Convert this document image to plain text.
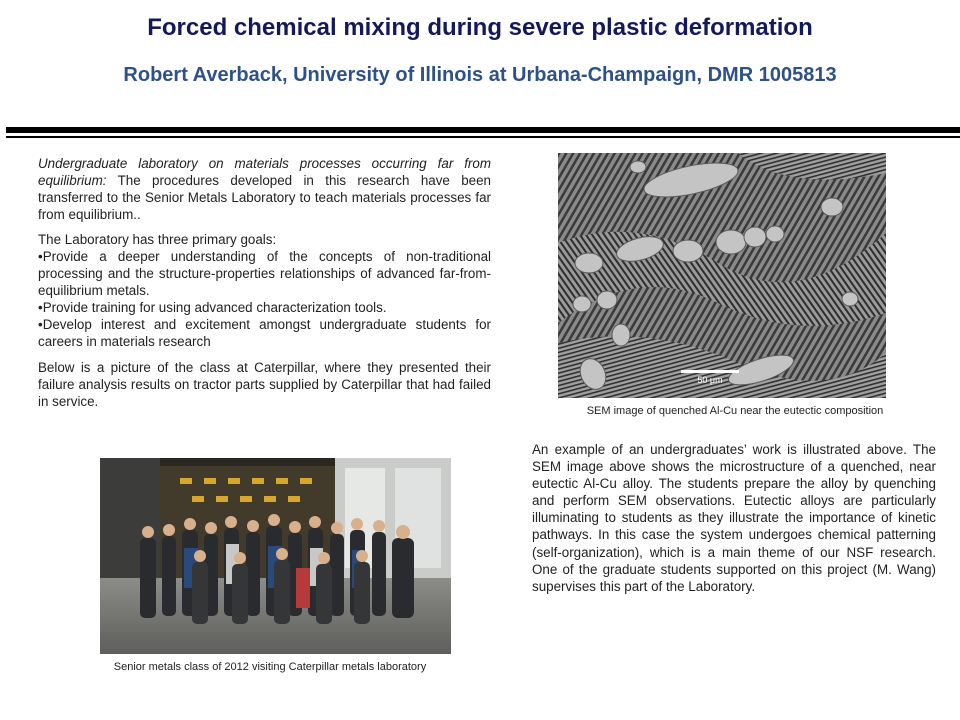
Forced chemical mixing during severe plastic deformation
Robert Averback, University of Illinois at Urbana-Champaign, DMR 1005813

Undergraduate laboratory on materials processes occurring far from equilibrium: The procedures developed in this research have been transferred to the Senior Metals Laboratory to teach materials processes far from equilibrium..

The Laboratory has three primary goals:

•Provide a deeper understanding of the concepts of non-traditional processing and the structure-properties relationships of advanced far-from-equilibrium metals.

•Provide training for using advanced characterization tools.

•Develop interest and excitement amongst undergraduate students for careers in materials research

Below is a picture of the class at Caterpillar, where they presented their failure analysis results on tractor parts supplied by Caterpillar that had failed in service.

Senior metals class of 2012 visiting Caterpillar metals laboratory
50 μm
SEM image of quenched Al-Cu near the eutectic composition

An example of an undergraduates’ work is illustrated above. The SEM image above shows the microstructure of a quenched, near eutectic Al-Cu alloy. The students prepare the alloy by quenching and perform SEM observations. Eutectic alloys are particularly illuminating to students as they illustrate the importance of kinetic pathways. In this case the system undergoes chemical patterning (self-organization), which is a main theme of our NSF research. One of the graduate students supported on this project (M. Wang) supervises this part of the Laboratory.
